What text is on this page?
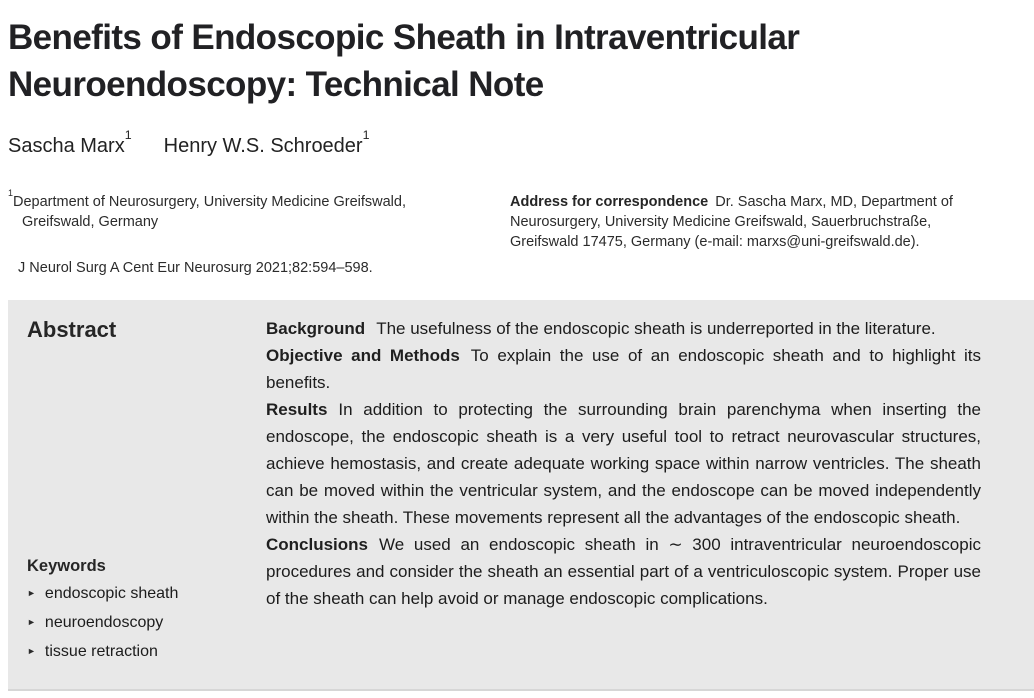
Benefits of Endoscopic Sheath in Intraventricular Neuroendoscopy: Technical Note
Sascha Marx$^1$
Henry W.S. Schroeder$^1$

$^1$Department of Neurosurgery, University Medicine Greifswald, Greifswald, Germany

J Neurol Surg A Cent Eur Neurosurg 2021;82:594–598.

Address for correspondence Dr. Sascha Marx, MD, Department of Neurosurgery, University Medicine Greifswald, Sauerbruchstraße, Greifswald 17475, Germany (e-mail: marxs@uni-greifswald.de).

Abstract
Keywords
► endoscopic sheath
► neuroendoscopy
► tissue retraction

Background The usefulness of the endoscopic sheath is underreported in the literature.

Objective and Methods To explain the use of an endoscopic sheath and to highlight its benefits.

Results In addition to protecting the surrounding brain parenchyma when inserting the endoscope, the endoscopic sheath is a very useful tool to retract neurovascular structures, achieve hemostasis, and create adequate working space within narrow ventricles. The sheath can be moved within the ventricular system, and the endoscope can be moved independently within the sheath. These movements represent all the advantages of the endoscopic sheath.

Conclusions We used an endoscopic sheath in ∼ 300 intraventricular neuroendoscopic procedures and consider the sheath an essential part of a ventriculoscopic system. Proper use of the sheath can help avoid or manage endoscopic complications.
